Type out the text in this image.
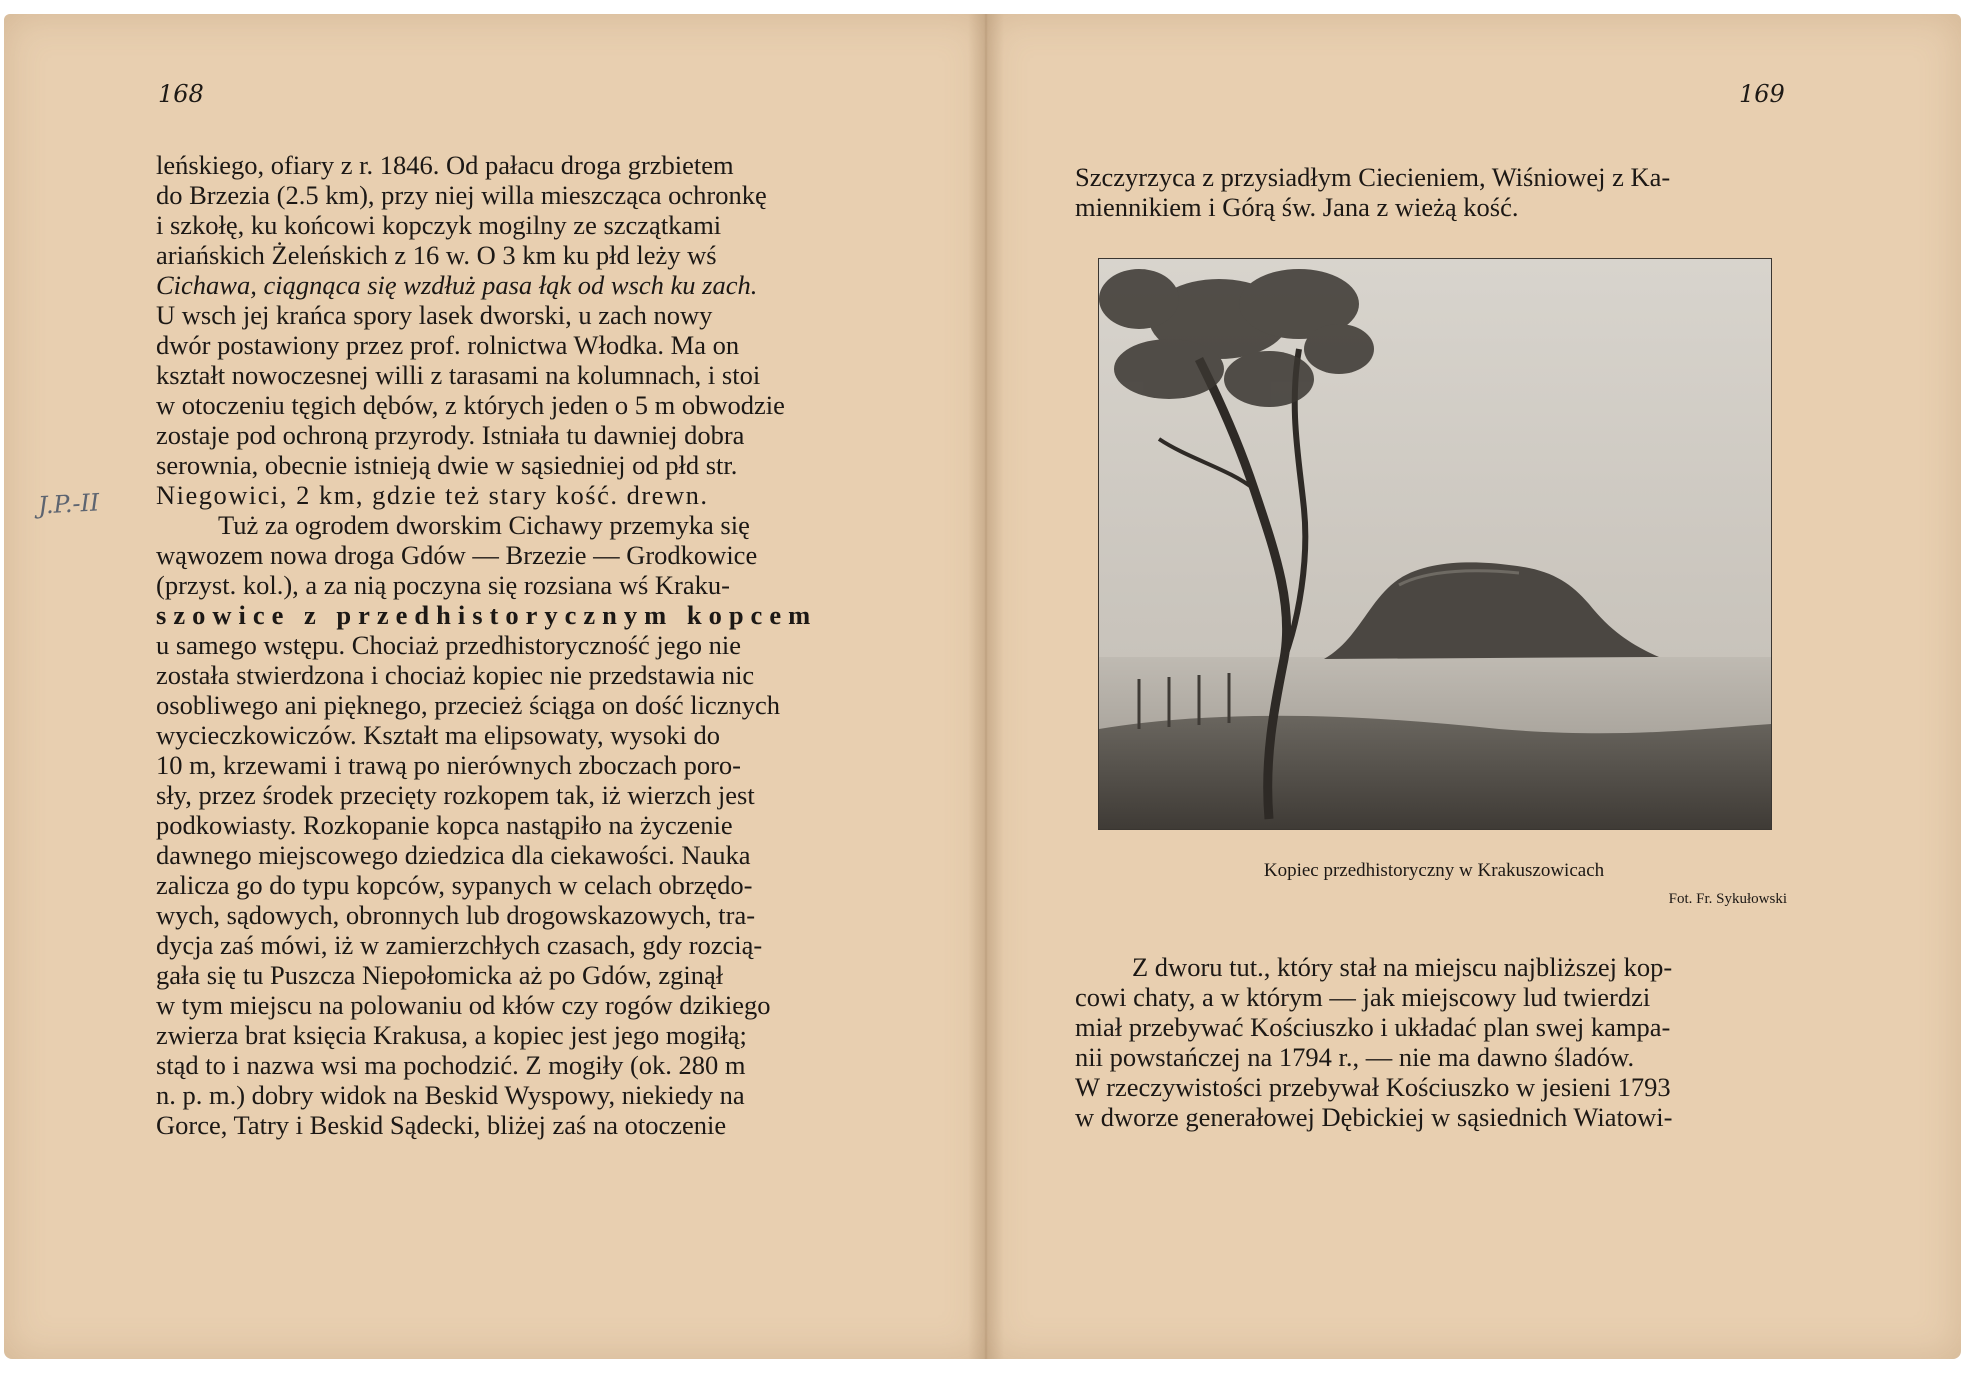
168	169
J.P.-II
leńskiego, ofiary z r. 1846. Od pałacu droga grzbietem
do Brzezia (2.5 km), przy niej willa mieszcząca ochronkę
i szkołę, ku końcowi kopczyk mogilny ze szczątkami
ariańskich Żeleńskich z 16 w. O 3 km ku płd leży wś
Cichawa, ciągnąca się wzdłuż pasa łąk od wsch ku zach.
U wsch jej krańca spory lasek dworski, u zach nowy
dwór postawiony przez prof. rolnictwa Włodka. Ma on
kształt nowoczesnej willi z tarasami na kolumnach, i stoi
w otoczeniu tęgich dębów, z których jeden o 5 m obwodzie
zostaje pod ochroną przyrody. Istniała tu dawniej dobra
serownia, obecnie istnieją dwie w sąsiedniej od płd str.
Niegowici, 2 km, gdzie też stary kość. drewn.
Tuż za ogrodem dworskim Cichawy przemyka się
wąwozem nowa droga Gdów — Brzezie — Grodkowice
(przyst. kol.), a za nią poczyna się rozsiana wś Kraku-
szowice z przedhistorycznym kopcem
u samego wstępu. Chociaż przedhistoryczność jego nie
została stwierdzona i chociaż kopiec nie przedstawia nic
osobliwego ani pięknego, przecież ściąga on dość licznych
wycieczkowiczów. Kształt ma elipsowaty, wysoki do
10 m, krzewami i trawą po nierównych zboczach poro-
sły, przez środek przecięty rozkopem tak, iż wierzch jest
podkowiasty. Rozkopanie kopca nastąpiło na życzenie
dawnego miejscowego dziedzica dla ciekawości. Nauka
zalicza go do typu kopców, sypanych w celach obrzędo-
wych, sądowych, obronnych lub drogowskazowych, tra-
dycja zaś mówi, iż w zamierzchłych czasach, gdy rozcią-
gała się tu Puszcza Niepołomicka aż po Gdów, zginął
w tym miejscu na polowaniu od kłów czy rogów dzikiego
zwierza brat księcia Krakusa, a kopiec jest jego mogiłą;
stąd to i nazwa wsi ma pochodzić. Z mogiły (ok. 280 m
n. p. m.) dobry widok na Beskid Wyspowy, niekiedy na
Gorce, Tatry i Beskid Sądecki, bliżej zaś na otoczenie
Szczyrzyca z przysiadłym Ciecieniem, Wiśniowej z Ka-
miennikiem i Górą św. Jana z wieżą kość.
Kopiec przedhistoryczny w Krakuszowicach
Fot. Fr. Sykułowski
Z dworu tut., który stał na miejscu najbliższej kop-
cowi chaty, a w którym — jak miejscowy lud twierdzi
miał przebywać Kościuszko i układać plan swej kampa-
nii powstańczej na 1794 r., — nie ma dawno śladów.
W rzeczywistości przebywał Kościuszko w jesieni 1793
w dworze generałowej Dębickiej w sąsiednich Wiatowi-
